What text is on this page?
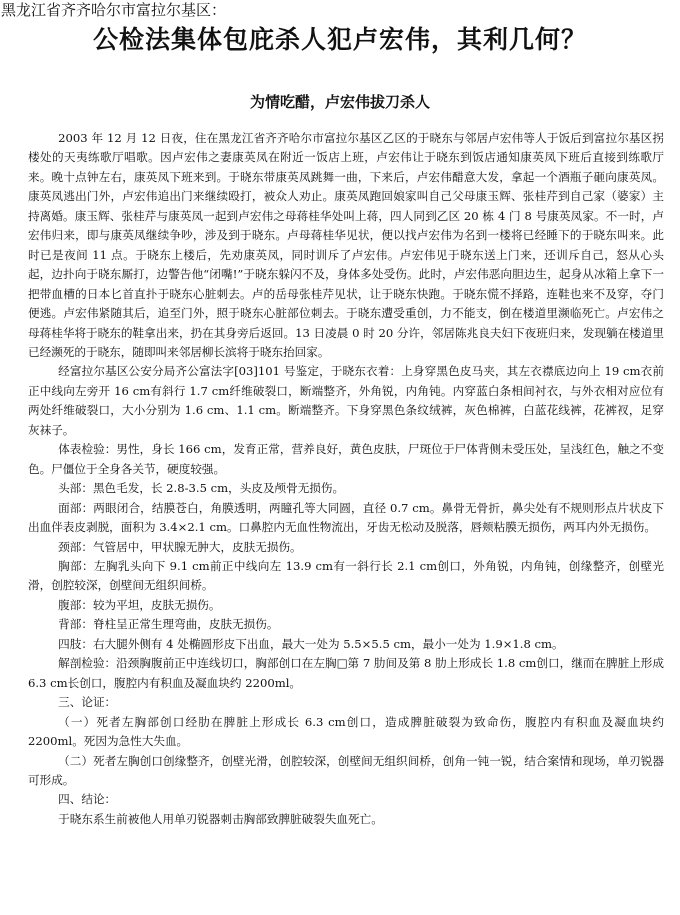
黑龙江省齐齐哈尔市富拉尔基区：
公检法集体包庇杀人犯卢宏伟，其利几何？
为情吃醋，卢宏伟拔刀杀人

2003 年 12 月 12 日夜，住在黑龙江省齐齐哈尔市富拉尔基区乙区的于晓东与邻居卢宏伟等人于饭后到富拉尔基区拐楼处的天夷练歌厅唱歌。因卢宏伟之妻康英凤在附近一饭店上班，卢宏伟让于晓东到饭店通知康英凤下班后直接到练歌厅来。晚十点钟左右，康英凤下班来到。于晓东带康英凤跳舞一曲，下来后，卢宏伟醋意大发，拿起一个酒瓶子砸向康英凤。康英凤逃出门外，卢宏伟追出门来继续殴打，被众人劝止。康英凤跑回娘家叫自己父母康玉辉、张桂芹到自己家（婆家）主持离婚。康玉辉、张桂芹与康英凤一起到卢宏伟之母蒋桂华处叫上蒋，四人同到乙区 20 栋 4 门 8 号康英凤家。不一时，卢宏伟归来，即与康英凤继续争吵，涉及到于晓东。卢母蒋桂华见状，便以找卢宏伟为名到一楼将已经睡下的于晓东叫来。此时已是夜间 11 点。于晓东上楼后，先劝康英凤，同时训斥了卢宏伟。卢宏伟见于晓东送上门来，还训斥自己，怒从心头起，边扑向于晓东厮打，边警告他“闭嘴!”于晓东躲闪不及，身体多处受伤。此时，卢宏伟恶向胆边生，起身从冰箱上拿下一把带血槽的日本匕首直扑于晓东心脏刺去。卢的岳母张桂芹见状，让于晓东快跑。于晓东慌不择路，连鞋也来不及穿，夺门便逃。卢宏伟紧随其后，追至门外，照于晓东心脏部位刺去。于晓东遭受重创，力不能支，倒在楼道里濒临死亡。卢宏伟之母蒋桂华将于晓东的鞋拿出来，扔在其身旁后返回。13 日凌晨 0 时 20 分许，邻居陈兆良夫妇下夜班归来，发现躺在楼道里已经濒死的于晓东，随即叫来邻居柳长滨将于晓东抬回家。

经富拉尔基区公安分局齐公富法字[03]101 号鉴定，于晓东衣着：上身穿黑色皮马夹，其左衣襟底边向上 19 cm衣前正中线向左旁开 16 cm有斜行 1.7 cm纤维破裂口，断端整齐，外角锐，内角钝。内穿蓝白条相间衬衣，与外衣相对应位有两处纤维破裂口，大小分别为 1.6 cm、1.1 cm。断端整齐。下身穿黑色条纹绒裤，灰色棉裤，白蓝花线裤，花裤衩，足穿灰袜子。

体表检验：男性，身长 166 cm，发育正常，营养良好，黄色皮肤，尸斑位于尸体背侧未受压处，呈浅红色，触之不变色。尸僵位于全身各关节，硬度较强。

头部：黑色毛发，长 2.8-3.5 cm，头皮及颅骨无损伤。

面部：两眼闭合，结膜苍白，角膜透明，两瞳孔等大同圆，直径 0.7 cm。鼻骨无骨折，鼻尖处有不规则形点片状皮下出血伴表皮剥脱，面积为 3.4×2.1 cm。口鼻腔内无血性物流出，牙齿无松动及脱落，唇颊粘膜无损伤，两耳内外无损伤。

颈部：气管居中，甲状腺无肿大，皮肤无损伤。

胸部：左胸乳头向下 9.1 cm前正中线向左 13.9 cm有一斜行长 2.1 cm创口，外角锐，内角钝，创缘整齐，创壁光滑，创腔较深，创壁间无组织间桥。

腹部：较为平坦，皮肤无损伤。

背部：脊柱呈正常生理弯曲，皮肤无损伤。

四肢：右大腿外侧有 4 处椭圆形皮下出血，最大一处为 5.5×5.5 cm，最小一处为 1.9×1.8 cm。

解剖检验：沿颈胸腹前正中连线切口，胸部创口在左胸□第 7 肋间及第 8 肋上形成长 1.8 cm创口，继而在脾脏上形成 6.3 cm长创口，腹腔内有积血及凝血块约 2200ml。

三、论证：

（一）死者左胸部创口经肋在脾脏上形成长 6.3 cm创口，造成脾脏破裂为致命伤，腹腔内有积血及凝血块约 2200ml。死因为急性大失血。

（二）死者左胸创口创缘整齐，创壁光滑，创腔较深，创壁间无组织间桥，创角一钝一锐，结合案情和现场，单刃锐器可形成。

四、结论：

于晓东系生前被他人用单刃锐器刺击胸部致脾脏破裂失血死亡。
